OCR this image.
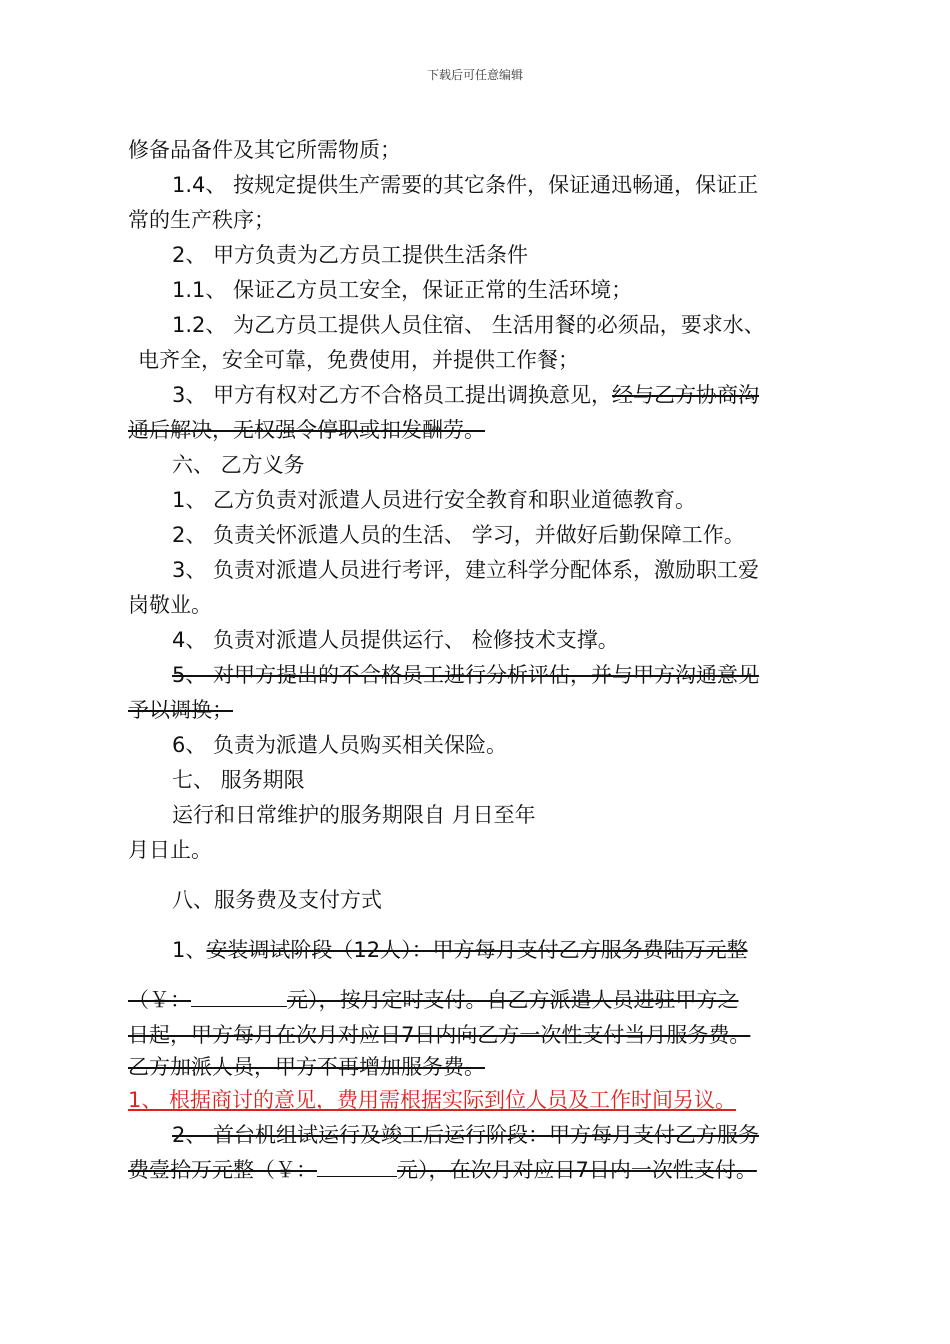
下载后可任意编辑
修备品备件及其它所需物质；
1.4、 按规定提供生产需要的其它条件，保证通迅畅通，保证正
常的生产秩序；
2、 甲方负责为乙方员工提供生活条件
1.1、 保证乙方员工安全，保证正常的生活环境；
1.2、 为乙方员工提供人员住宿、 生活用餐的必须品，要求水、
电齐全，安全可靠，免费使用，并提供工作餐；
3、 甲方有权对乙方不合格员工提出调换意见，经与乙方协商沟
通后解决，无权强令停职或扣发酬劳。
六、 乙方义务
1、 乙方负责对派遣人员进行安全教育和职业道德教育。
2、 负责关怀派遣人员的生活、 学习，并做好后勤保障工作。
3、 负责对派遣人员进行考评，建立科学分配体系，激励职工爱
岗敬业。
4、 负责对派遣人员提供运行、 检修技术支撑。
5、 对甲方提出的不合格员工进行分析评估，并与甲方沟通意见
予以调换；
6、 负责为派遣人员购买相关保险。
七、 服务期限
运行和日常维护的服务期限自 月日至年
月日止。
八、服务费及支付方式
1、安装调试阶段（12人）：甲方每月支付乙方服务费陆万元整
（￥：	元），按月定时支付。自乙方派遣人员进驻甲方之
日起，甲方每月在次月对应日7日内向乙方一次性支付当月服务费。
乙方加派人员，甲方不再增加服务费。
1、 根据商讨的意见，费用需根据实际到位人员及工作时间另议。
2、 首台机组试运行及竣工后运行阶段：甲方每月支付乙方服务
费壹拾万元整（￥：	元），在次月对应日7日内一次性支付。
